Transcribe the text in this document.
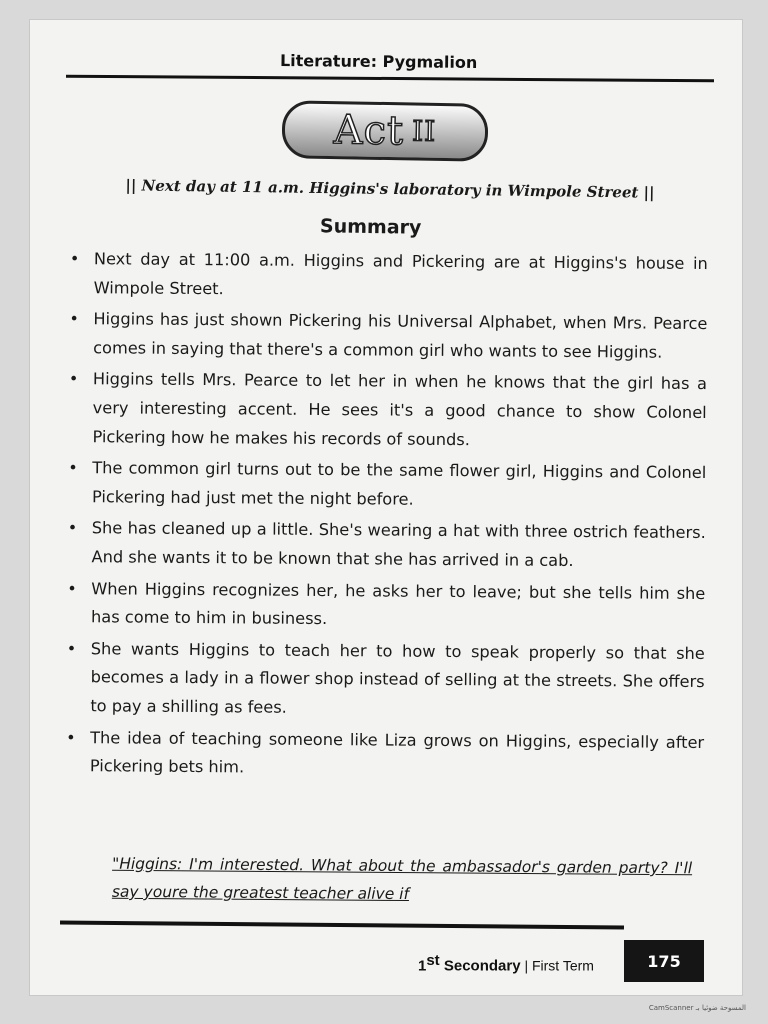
Literature: Pygmalion
Act II
|| Next day at 11 a.m. Higgins's laboratory in Wimpole Street ||
Summary
• Next day at 11:00 a.m. Higgins and Pickering are at Higgins's house in Wimpole Street.
• Higgins has just shown Pickering his Universal Alphabet, when Mrs. Pearce comes in saying that there's a common girl who wants to see Higgins.
• Higgins tells Mrs. Pearce to let her in when he knows that the girl has a very interesting accent. He sees it's a good chance to show Colonel Pickering how he makes his records of sounds.
• The common girl turns out to be the same flower girl, Higgins and Colonel Pickering had just met the night before.
• She has cleaned up a little. She's wearing a hat with three ostrich feathers. And she wants it to be known that she has arrived in a cab.
• When Higgins recognizes her, he asks her to leave; but she tells him she has come to him in business.
• She wants Higgins to teach her to how to speak properly so that she becomes a lady in a flower shop instead of selling at the streets. She offers to pay a shilling as fees.
• The idea of teaching someone like Liza grows on Higgins, especially after Pickering bets him.
"Higgins: I'm interested. What about the ambassador's garden party? I'll say youre the greatest teacher alive if
1st Secondary | First Term	175
CamScanner المسوحة ضوئيا بـ
